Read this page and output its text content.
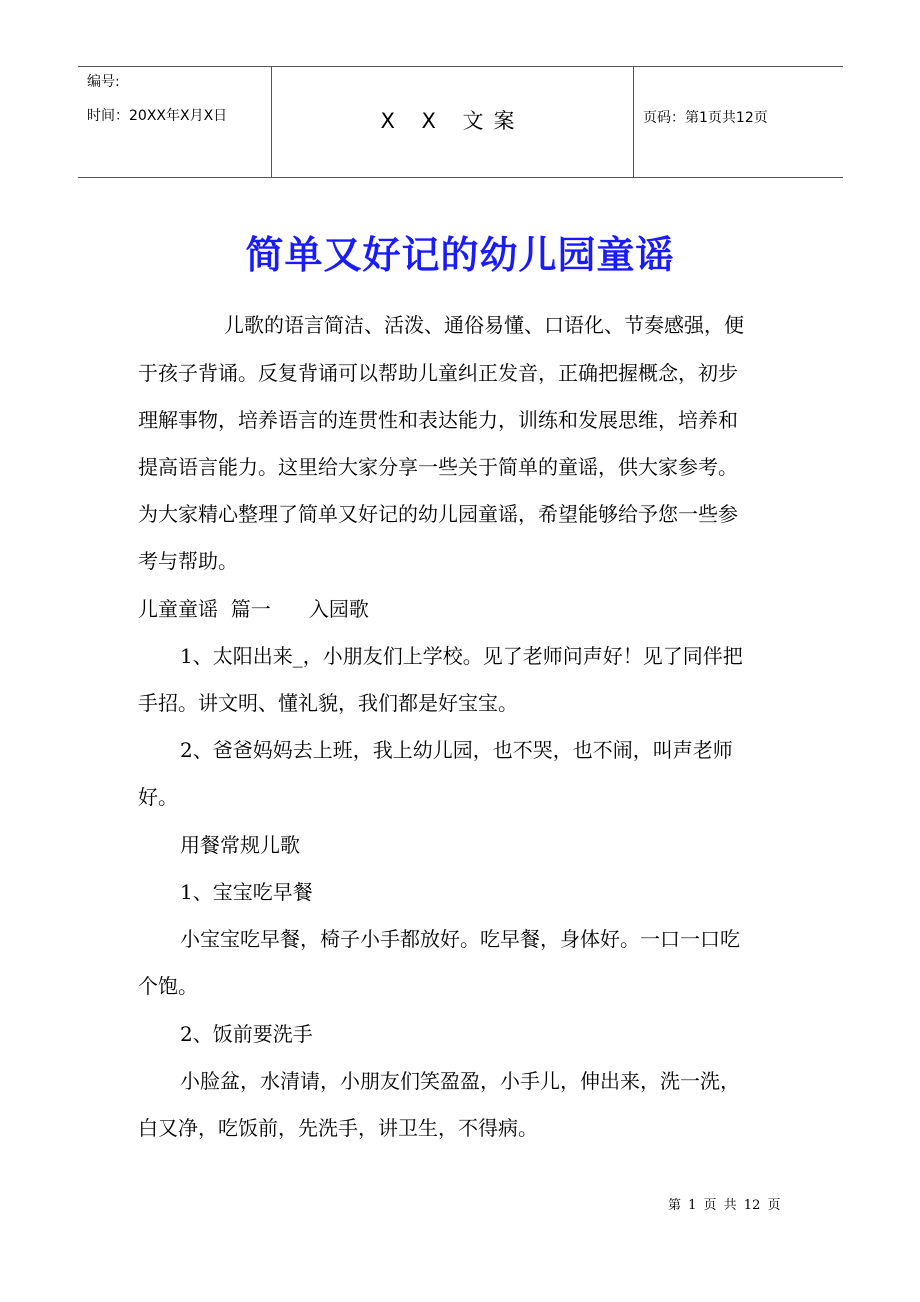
编号:
时间：20XX年X月X日	X X 文案	页码：第1页共12页
简单又好记的幼儿园童谣
儿歌的语言简洁、活泼、通俗易懂、口语化、节奏感强，便
于孩子背诵。反复背诵可以帮助儿童纠正发音，正确把握概念，初步
理解事物，培养语言的连贯性和表达能力，训练和发展思维，培养和
提高语言能力。这里给大家分享一些关于简单的童谣，供大家参考。
为大家精心整理了简单又好记的幼儿园童谣，希望能够给予您一些参
考与帮助。
儿童童谣  篇一      入园歌
1、太阳出来_，小朋友们上学校。见了老师问声好！见了同伴把
手招。讲文明、懂礼貌，我们都是好宝宝。
2、爸爸妈妈去上班，我上幼儿园，也不哭，也不闹，叫声老师
好。
用餐常规儿歌
1、宝宝吃早餐
小宝宝吃早餐，椅子小手都放好。吃早餐，身体好。一口一口吃
个饱。
2、饭前要洗手
小脸盆，水清请，小朋友们笑盈盈，小手儿，伸出来，洗一洗，
白又净，吃饭前，先洗手，讲卫生，不得病。
第 1 页 共 12 页
